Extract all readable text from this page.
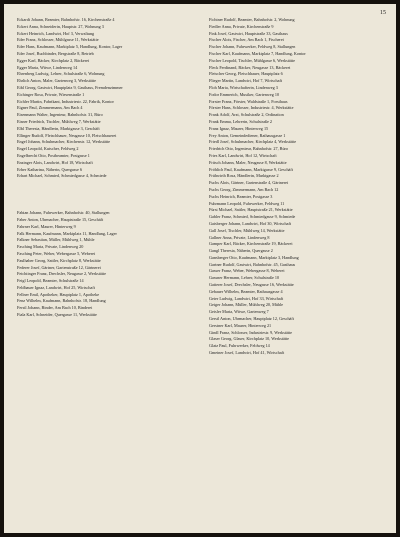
15
Eckardt Johann, Beamter, Bahnhofstr. 16, Kirchenstraße 4
Eckert Anna, Schneiderin, Hauptstr. 27, Wohnung 3
Eckert Heinrich, Landwirt, Hof 3, Verwaltung
Eder Franz, Schlosser, Mühlgasse 11, Werkstätte
Eder Hans, Kaufmann, Marktplatz 5, Handlung, Kontor, Lager
Eder Josef, Buchbinder, Bergstraße 8, Betrieb
Egger Karl, Bäcker, Kirchplatz 2, Bäckerei
Egger Maria, Witwe, Lindenweg 14
Ehrenberg Ludwig, Lehrer, Schulstraße 6, Wohnung
Ehrlich Anton, Maler, Gartenweg 3, Werkstätte
Eibl Georg, Gastwirt, Hauptplatz 9, Gasthaus, Fremdenzimmer
Eichinger Rosa, Private, Wiesenstraße 1
Eichler Martin, Fabrikant, Industriestr. 22, Fabrik, Kontor
Eigner Paul, Zimmermann, Am Bach 4
Eisenmann Walter, Ingenieur, Bahnhofstr. 31, Büro
Eisner Friedrich, Tischler, Mühlweg 7, Werkstätte
Elbl Theresia, Händlerin, Marktgasse 3, Geschäft
Ellinger Rudolf, Fleischhauer, Neugasse 10, Fleischhauerei
Engel Johann, Schuhmacher, Kirchenstr. 12, Werkstätte
Engel Leopold, Kutscher, Feldweg 2
Engelbrecht Otto, Postbeamter, Postgasse 1
Enzinger Alois, Landwirt, Hof 18, Wirtschaft
Erber Katharina, Näherin, Quergasse 6
Erhart Michael, Schmied, Schmiedgasse 4, Schmiede
Fabian Johann, Fuhrwerker, Bahnhofstr. 40, Stallungen
Faber Anton, Uhrmacher, Hauptstraße 15, Geschäft
Fahrner Karl, Maurer, Hinterweg 9
Falk Hermann, Kaufmann, Marktplatz 11, Handlung, Lager
Falkner Sebastian, Müller, Mühlweg 1, Mühle
Fasching Maria, Private, Lindenweg 20
Fasching Peter, Weber, Webergasse 5, Weberei
Faulhaber Georg, Sattler, Kirchplatz 8, Werkstätte
Federer Josef, Gärtner, Gartenstraße 12, Gärtnerei
Feichtinger Franz, Drechsler, Neugasse 2, Werkstätte
Feigl Leopold, Beamter, Schulstraße 14
Feldbauer Ignaz, Landwirt, Hof 25, Wirtschaft
Fellner Emil, Apotheker, Hauptplatz 1, Apotheke
Fenz Wilhelm, Kaufmann, Bahnhofstr. 18, Handlung
Ferstl Johann, Binder, Am Bach 10, Binderei
Fiala Karl, Schneider, Quergasse 11, Werkstätte
Fichtner Rudolf, Beamter, Bahnhofstr. 2, Wohnung
Fiedler Anna, Private, Kirchenstraße 9
Fink Josef, Gastwirt, Hauptstraße 33, Gasthaus
Fischer Alois, Fischer, Am Bach 1, Fischerei
Fischer Johann, Fuhrwerker, Feldweg 8, Stallungen
Fischer Karl, Kaufmann, Marktplatz 7, Handlung, Kontor
Fischer Leopold, Tischler, Mühlgasse 6, Werkstätte
Fleck Ferdinand, Bäcker, Neugasse 13, Bäckerei
Fleischer Georg, Fleischhauer, Hauptplatz 6
Flieger Martin, Landwirt, Hof 7, Wirtschaft
Floh Maria, Wirtschafterin, Lindenweg 3
Fodor Emmerich, Musiker, Gartenweg 10
Forster Franz, Förster, Waldstraße 1, Forsthaus
Förster Hans, Schlosser, Industriestr. 4, Werkstätte
Frank Adolf, Arzt, Schulstraße 2, Ordination
Frank Emma, Lehrerin, Schulstraße 2
Franz Ignaz, Maurer, Hinterweg 15
Frey Anton, Gemeindediener, Rathausgasse 1
Friedl Josef, Schuhmacher, Kirchplatz 4, Werkstätte
Friedrich Otto, Ingenieur, Bahnhofstr. 27, Büro
Fries Karl, Landwirt, Hof 12, Wirtschaft
Fritsch Johann, Maler, Neugasse 8, Werkstätte
Fröhlich Paul, Kaufmann, Marktgasse 9, Geschäft
Frühwirth Rosa, Händlerin, Marktgasse 2
Fuchs Alois, Gärtner, Gartenstraße 4, Gärtnerei
Fuchs Georg, Zimmermann, Am Bach 12
Fuchs Heinrich, Beamter, Postgasse 3
Fuhrmann Leopold, Fuhrwerker, Feldweg 11
Fürst Michael, Sattler, Hauptstraße 21, Werkstätte
Gabler Franz, Schmied, Schmiedgasse 9, Schmiede
Gaisberger Johann, Landwirt, Hof 30, Wirtschaft
Gall Josef, Tischler, Mühlweg 14, Werkstätte
Gallner Anna, Private, Lindenweg 8
Gamper Karl, Bäcker, Kirchenstraße 19, Bäckerei
Gangl Theresia, Näherin, Quergasse 2
Gansberger Otto, Kaufmann, Marktplatz 3, Handlung
Gartner Rudolf, Gastwirt, Bahnhofstr. 45, Gasthaus
Gasser Franz, Weber, Webergasse 8, Weberei
Gassner Hermann, Lehrer, Schulstraße 10
Gatterer Josef, Drechsler, Neugasse 16, Werkstätte
Gebauer Wilhelm, Beamter, Rathausgasse 4
Geier Ludwig, Landwirt, Hof 33, Wirtschaft
Geiger Johann, Müller, Mühlweg 20, Mühle
Geisler Maria, Witwe, Gartenweg 7
Gerstl Anton, Uhrmacher, Hauptplatz 12, Geschäft
Gerstner Karl, Maurer, Hinterweg 21
Gindl Franz, Schlosser, Industriestr. 9, Werkstätte
Glaser Georg, Glaser, Kirchplatz 10, Werkstätte
Glatz Paul, Fuhrwerker, Feldweg 14
Gmeiner Josef, Landwirt, Hof 41, Wirtschaft
